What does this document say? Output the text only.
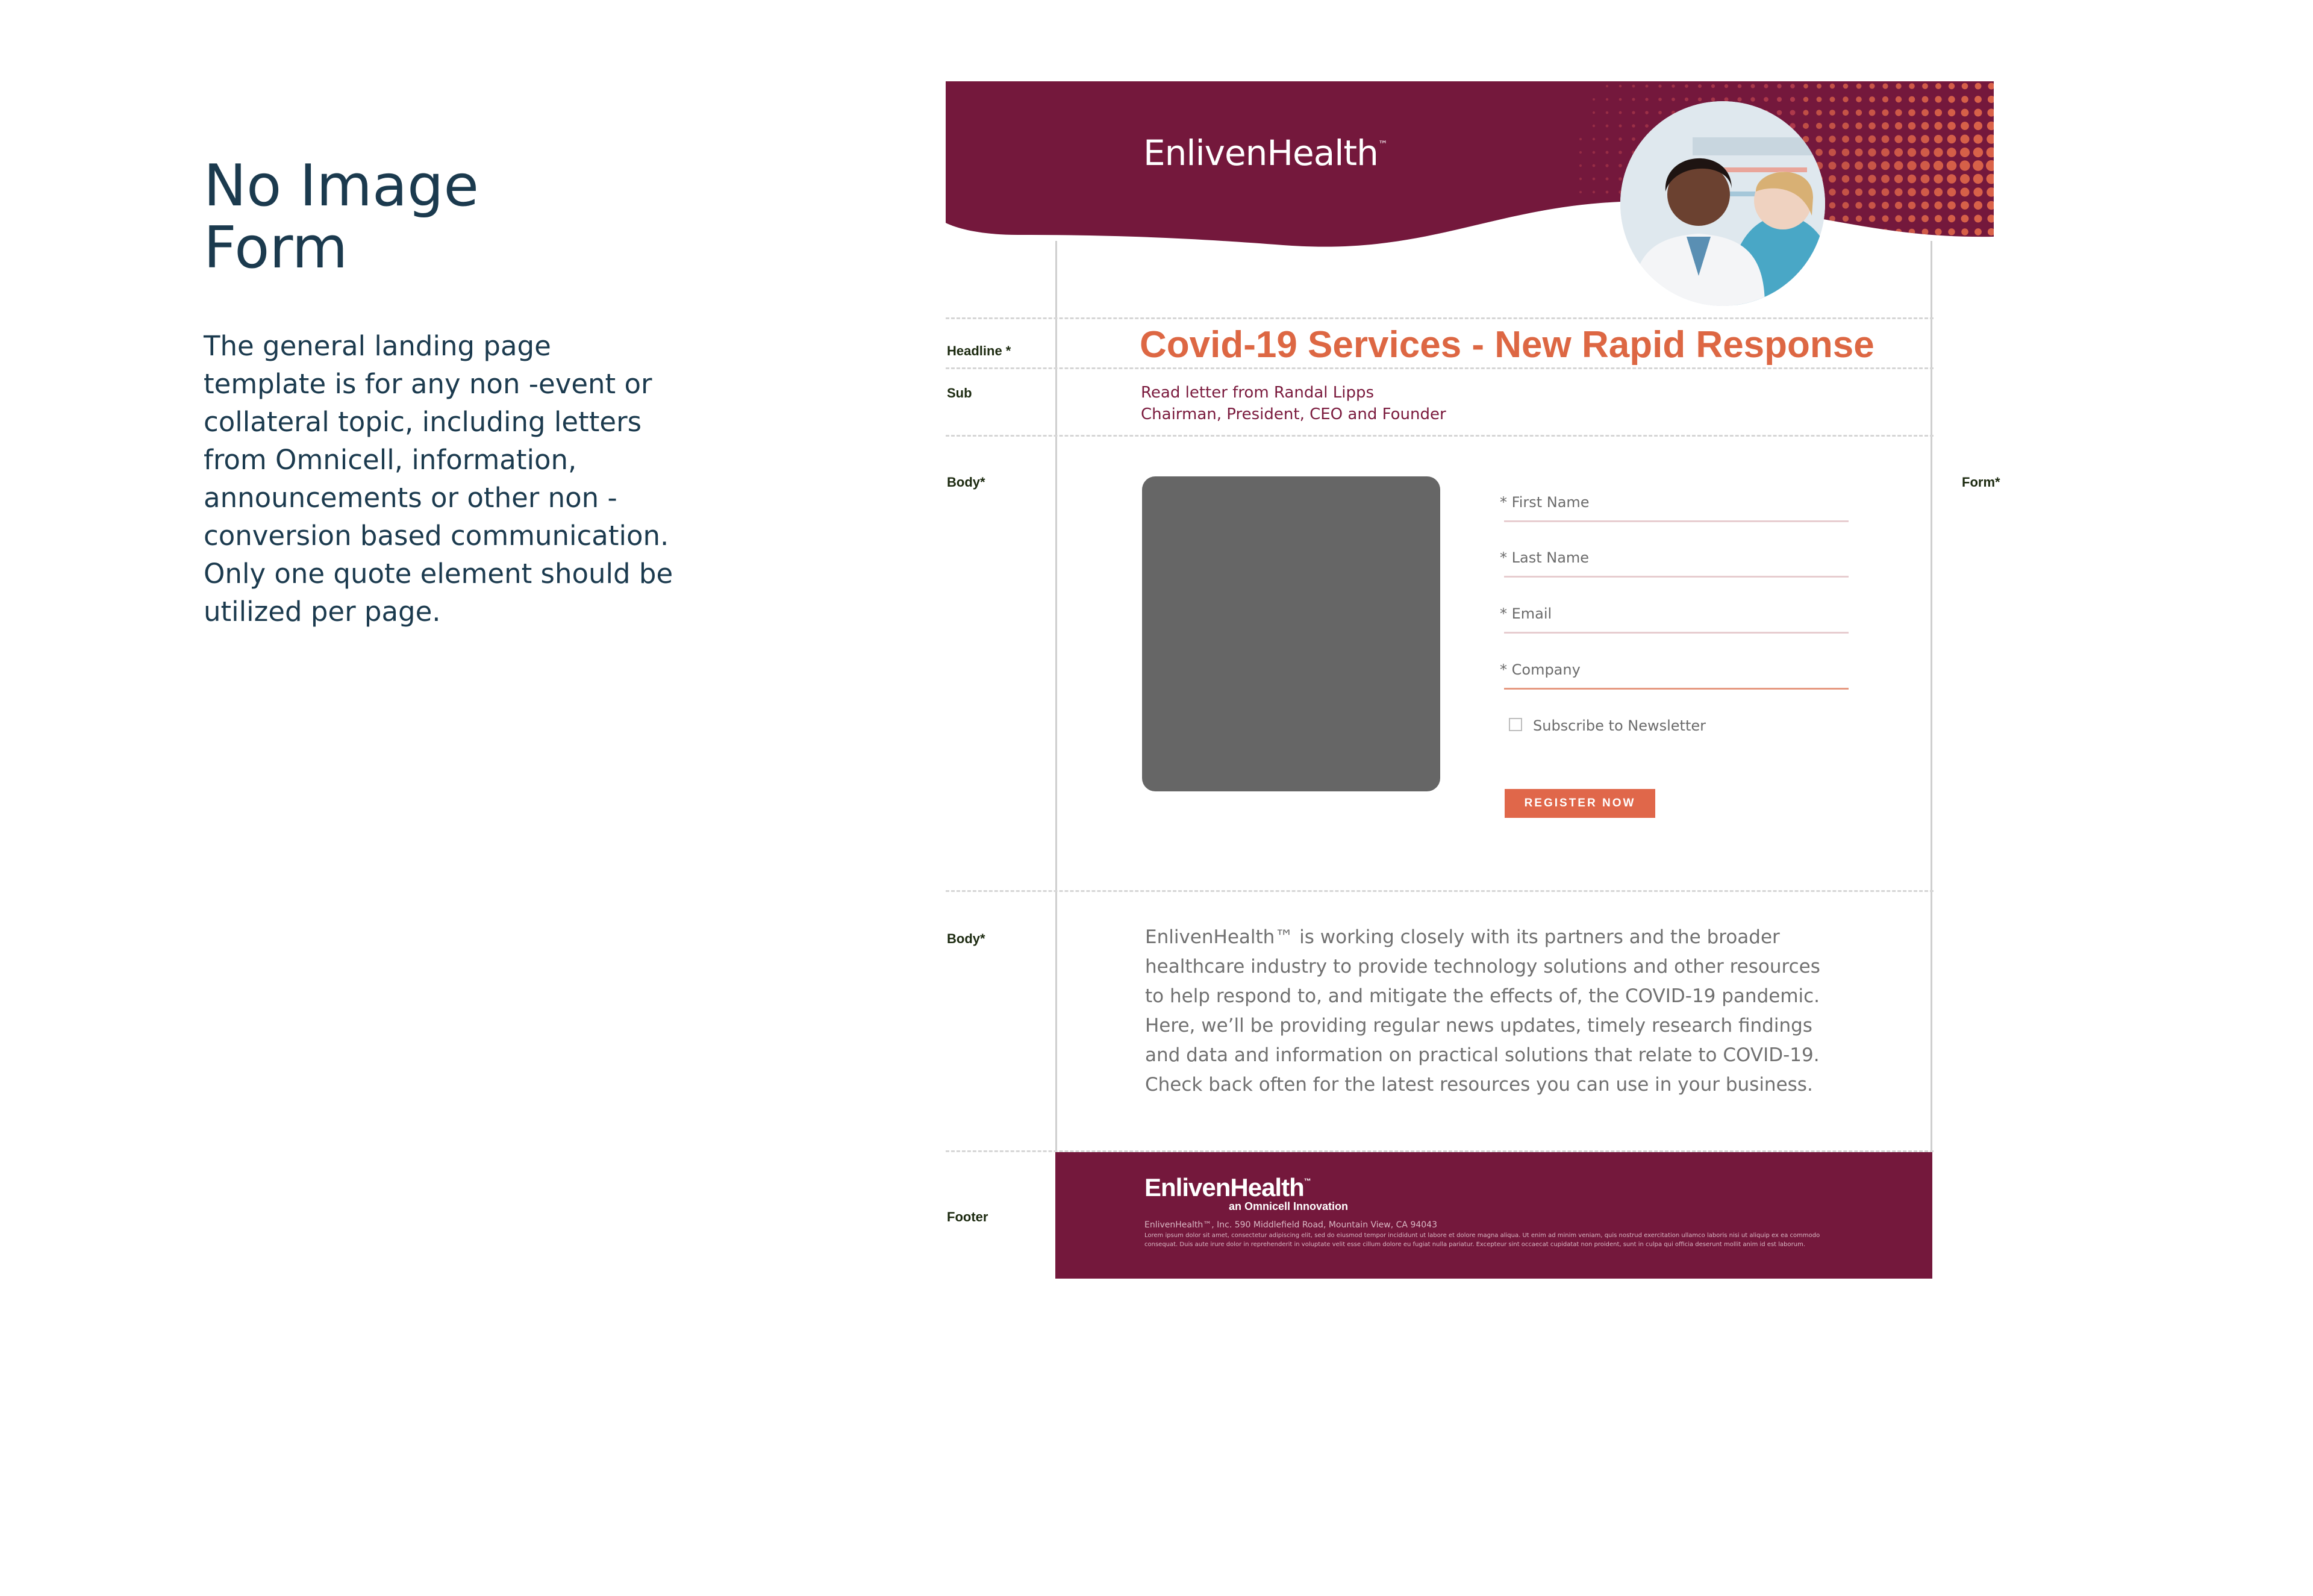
No Image
Form
The general landing page template is for any non -event or collateral topic, including letters from Omnicell, information, announcements or other non - conversion based communication. Only one quote element should be utilized per page.
EnlivenHealth™
Headline *
Sub
Body*	Form*
Body*
Footer
Covid-19 Services - New Rapid Response
Read letter from Randal Lipps
Chairman, President, CEO and Founder
* First Name
* Last Name
* Email
* Company
Subscribe to Newsletter
REGISTER NOW
EnlivenHealth™ is working closely with its partners and the broader healthcare industry to provide technology solutions and other resources to help respond to, and mitigate the effects of, the COVID-19 pandemic. Here, we’ll be providing regular news updates, timely research findings and data and information on practical solutions that relate to COVID-19. Check back often for the latest resources you can use in your business.
EnlivenHealth™
an Omnicell Innovation
EnlivenHealth™, Inc. 590 Middlefield Road, Mountain View, CA 94043
Lorem ipsum dolor sit amet, consectetur adipiscing elit, sed do eiusmod tempor incididunt ut labore et dolore magna aliqua. Ut enim ad minim veniam, quis nostrud exercitation ullamco laboris nisi ut aliquip ex ea commodo consequat. Duis aute irure dolor in reprehenderit in voluptate velit esse cillum dolore eu fugiat nulla pariatur. Excepteur sint occaecat cupidatat non proident, sunt in culpa qui officia deserunt mollit anim id est laborum.
